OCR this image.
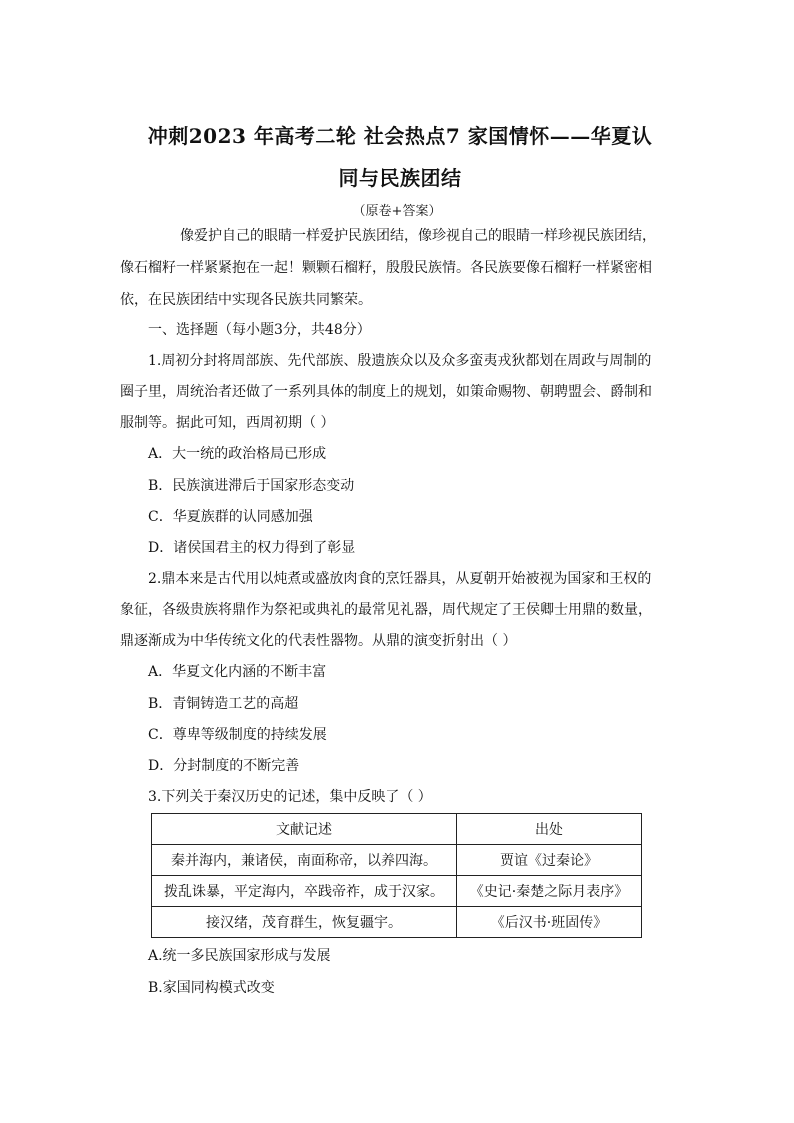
冲刺2023 年高考二轮 社会热点7 家国情怀——华夏认
同与民族团结
（原卷+答案）
像爱护自己的眼睛一样爱护民族团结，像珍视自己的眼睛一样珍视民族团结，
像石榴籽一样紧紧抱在一起！颗颗石榴籽，殷殷民族情。各民族要像石榴籽一样紧密相
依，在民族团结中实现各民族共同繁荣。
一、选择题（每小题3分，共48分）
1.周初分封将周部族、先代部族、殷遗族众以及众多蛮夷戎狄都划在周政与周制的
圈子里，周统治者还做了一系列具体的制度上的规划，如策命赐物、朝聘盟会、爵制和
服制等。据此可知，西周初期（ ）
A．大一统的政治格局已形成
B．民族演进滞后于国家形态变动
C．华夏族群的认同感加强
D．诸侯国君主的权力得到了彰显
2.鼎本来是古代用以炖煮或盛放肉食的烹饪器具，从夏朝开始被视为国家和王权的
象征，各级贵族将鼎作为祭祀或典礼的最常见礼器，周代规定了王侯卿士用鼎的数量，
鼎逐渐成为中华传统文化的代表性器物。从鼎的演变折射出（ ）
A．华夏文化内涵的不断丰富
B．青铜铸造工艺的高超
C．尊卑等级制度的持续发展
D．分封制度的不断完善
3.下列关于秦汉历史的记述，集中反映了（ ）
文献记述	出处
秦并海内，兼诸侯，南面称帝，以养四海。	贾谊《过秦论》
拨乱诛暴，平定海内，卒践帝祚，成于汉家。	《史记·秦楚之际月表序》
接汉绪，茂育群生，恢复疆宇。	《后汉书·班固传》
A.统一多民族国家形成与发展
B.家国同构模式改变
